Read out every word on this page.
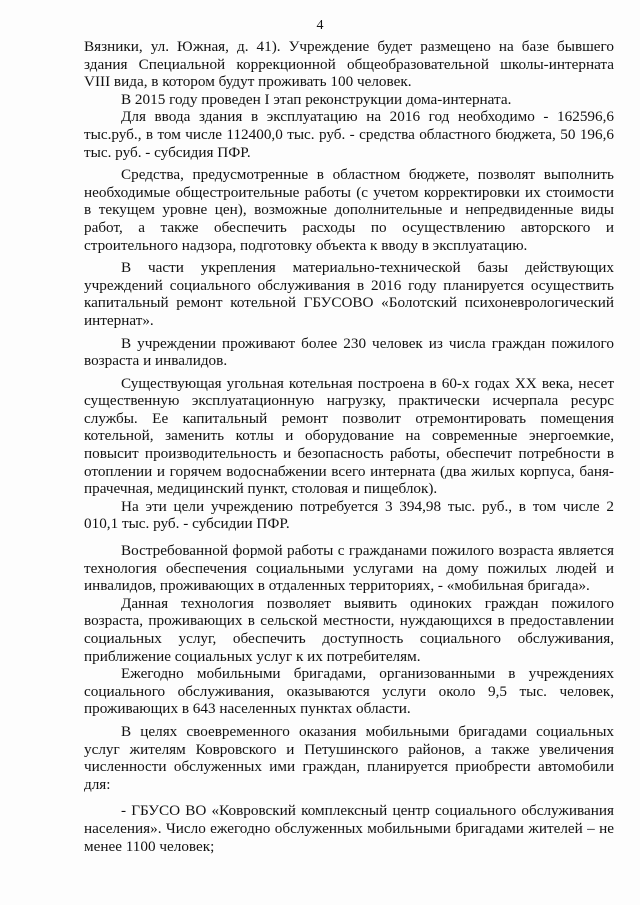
4

Вязники, ул. Южная, д. 41). Учреждение будет размещено на базе бывшего здания Специальной коррекционной общеобразовательной школы-интерната VIII вида, в котором будут проживать 100 человек.

В 2015 году проведен I этап реконструкции дома-интерната.

Для ввода здания в эксплуатацию на 2016 год необходимо - 162596,6 тыс.руб., в том числе 112400,0 тыс. руб. - средства областного бюджета, 50 196,6 тыс. руб. - субсидия ПФР.

Средства, предусмотренные в областном бюджете, позволят выполнить необходимые общестроительные работы (с учетом корректировки их стоимости в текущем уровне цен), возможные дополнительные и непредвиденные виды работ, а также обеспечить расходы по осуществлению авторского и строительного надзора, подготовку объекта к вводу в эксплуатацию.

В части укрепления материально-технической базы действующих учреждений социального обслуживания в 2016 году планируется осуществить капитальный ремонт котельной ГБУСОВО «Болотский психоневрологический интернат».

В учреждении проживают более 230 человек из числа граждан пожилого возраста и инвалидов.

Существующая угольная котельная построена в 60-х годах XX века, несет существенную эксплуатационную нагрузку, практически исчерпала ресурс службы. Ее капитальный ремонт позволит отремонтировать помещения котельной, заменить котлы и оборудование на современные энергоемкие, повысит производительность и безопасность работы, обеспечит потребности в отоплении и горячем водоснабжении всего интерната (два жилых корпуса, баня-прачечная, медицинский пункт, столовая и пищеблок).

На эти цели учреждению потребуется 3 394,98 тыс. руб., в том числе 2 010,1 тыс. руб. - субсидии ПФР.

Востребованной формой работы с гражданами пожилого возраста является технология обеспечения социальными услугами на дому пожилых людей и инвалидов, проживающих в отдаленных территориях, - «мобильная бригада».

Данная технология позволяет выявить одиноких граждан пожилого возраста, проживающих в сельской местности, нуждающихся в предоставлении социальных услуг, обеспечить доступность социального обслуживания, приближение социальных услуг к их потребителям.

Ежегодно мобильными бригадами, организованными в учреждениях социального обслуживания, оказываются услуги около 9,5 тыс. человек, проживающих в 643 населенных пунктах области.

В целях своевременного оказания мобильными бригадами социальных услуг жителям Ковровского и Петушинского районов, а также увеличения численности обслуженных ими граждан, планируется приобрести автомобили для:

- ГБУСО ВО «Ковровский комплексный центр социального обслуживания населения». Число ежегодно обслуженных мобильными бригадами жителей – не менее 1100 человек;
